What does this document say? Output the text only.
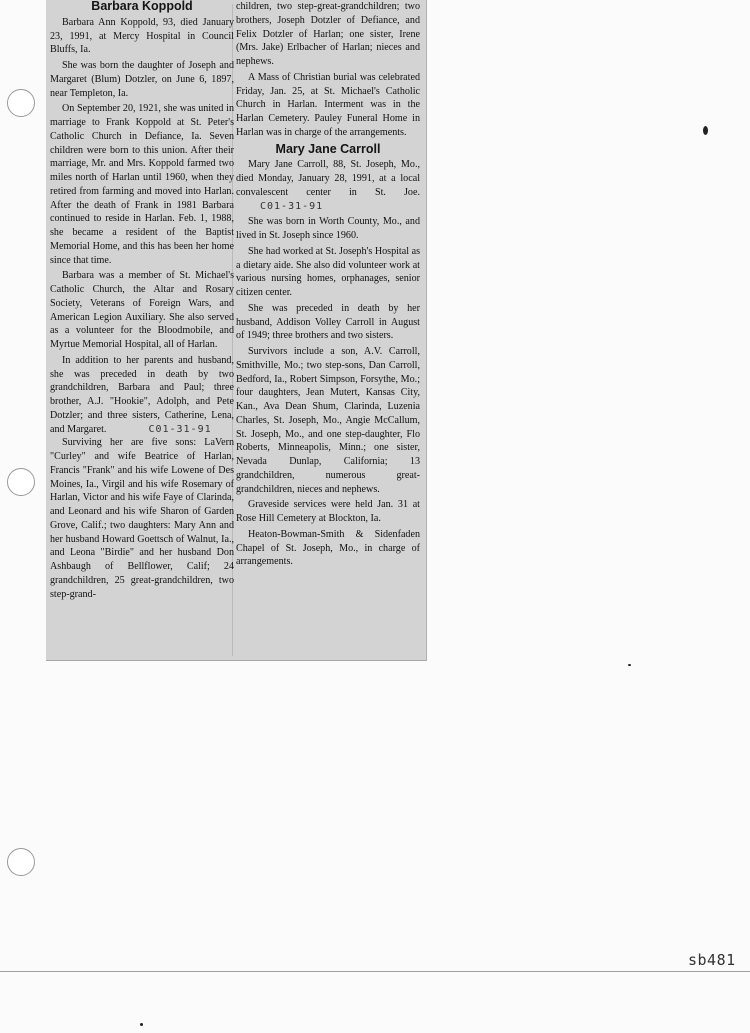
Barbara Koppold

Barbara Ann Koppold, 93, died January 23, 1991, at Mercy Hospital in Council Bluffs, Ia.

She was born the daughter of Joseph and Margaret (Blum) Dotzler, on June 6, 1897, near Templeton, Ia.

On September 20, 1921, she was united in marriage to Frank Koppold at St. Peter's Catholic Church in Defiance, Ia. Seven children were born to this union. After their marriage, Mr. and Mrs. Koppold farmed two miles north of Harlan until 1960, when they retired from farming and moved into Harlan. After the death of Frank in 1981 Barbara continued to reside in Harlan. Feb. 1, 1988, she became a resident of the Baptist Memorial Home, and this has been her home since that time.

Barbara was a member of St. Michael's Catholic Church, the Altar and Rosary Society, Veterans of Foreign Wars, and American Legion Auxiliary. She also served as a volunteer for the Bloodmobile, and Myrtue Memorial Hospital, all of Harlan.

In addition to her parents and husband, she was preceded in death by two grandchildren, Barbara and Paul; three brother, A.J. "Hookie", Adolph, and Pete Dotzler; and three sisters, Catherine, Lena, and Margaret.	C01-31-91

Surviving her are five sons: LaVern "Curley" and wife Beatrice of Harlan, Francis "Frank" and his wife Lowene of Des Moines, Ia., Virgil and his wife Rosemary of Harlan, Victor and his wife Faye of Clarinda, and Leonard and his wife Sharon of Garden Grove, Calif.; two daughters: Mary Ann and her husband Howard Goettsch of Walnut, Ia., and Leona "Birdie" and her husband Don Ashbaugh of Bellflower, Calif; 24 grandchildren, 25 great-grandchildren, two step-grand-

children, two step-great-grandchildren; two brothers, Joseph Dotzler of Defiance, and Felix Dotzler of Harlan; one sister, Irene (Mrs. Jake) Erlbacher of Harlan; nieces and nephews.

A Mass of Christian burial was celebrated Friday, Jan. 25, at St. Michael's Catholic Church in Harlan. Interment was in the Harlan Cemetery. Pauley Funeral Home in Harlan was in charge of the arrangements.

Mary Jane Carroll

Mary Jane Carroll, 88, St. Joseph, Mo., died Monday, January 28, 1991, at a local convalescent center in St. Joe.C01-31-91

She was born in Worth County, Mo., and lived in St. Joseph since 1960.

She had worked at St. Joseph's Hospital as a dietary aide. She also did volunteer work at various nursing homes, orphanages, senior citizen center.

She was preceded in death by her husband, Addison Volley Carroll in August of 1949; three brothers and two sisters.

Survivors include a son, A.V. Carroll, Smithville, Mo.; two step-sons, Dan Carroll, Bedford, Ia., Robert Simpson, Forsythe, Mo.; four daughters, Jean Mutert, Kansas City, Kan., Ava Dean Shum, Clarinda, Luzenia Charles, St. Joseph, Mo., Angie McCallum, St. Joseph, Mo., and one step-daughter, Flo Roberts, Minneapolis, Minn.; one sister, Nevada Dunlap, California; 13 grandchildren, numerous great-grandchildren, nieces and nephews.

Graveside services were held Jan. 31 at Rose Hill Cemetery at Blockton, Ia.

Heaton-Bowman-Smith & Sidenfaden Chapel of St. Joseph, Mo., in charge of arrangements.

sb481
